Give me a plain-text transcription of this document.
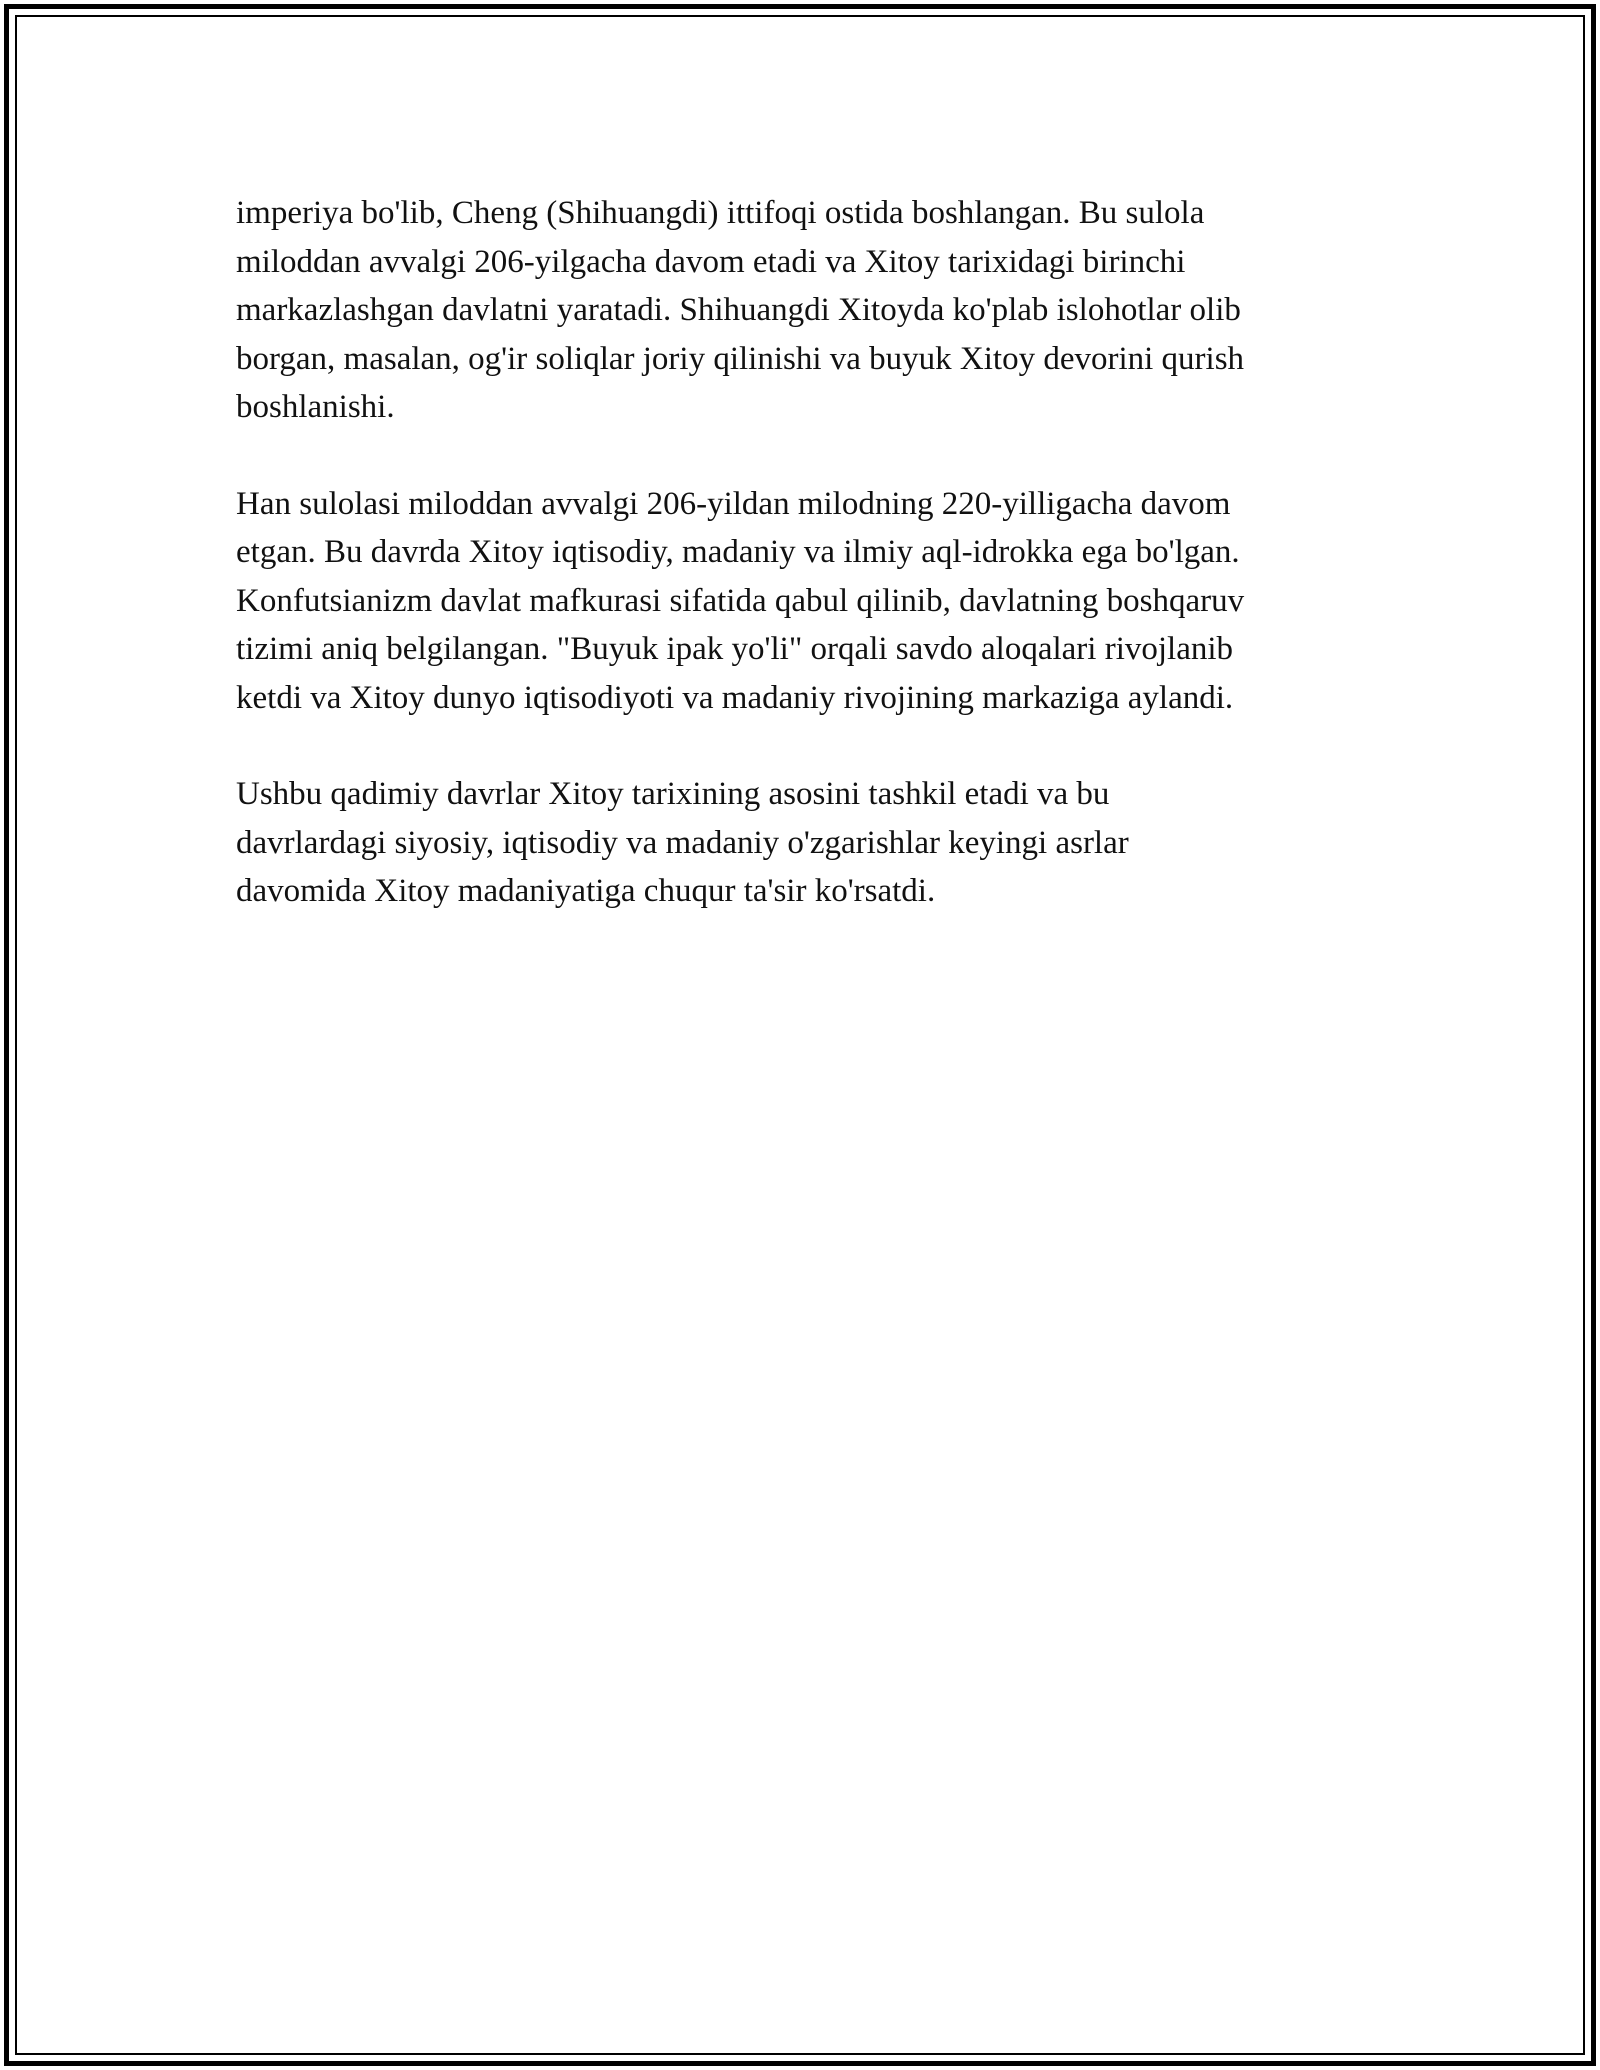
imperiya bo'lib, Cheng (Shihuangdi) ittifoqi ostida boshlangan. Bu sulola
miloddan avvalgi 206-yilgacha davom etadi va Xitoy tarixidagi birinchi
markazlashgan davlatni yaratadi. Shihuangdi Xitoyda ko'plab islohotlar olib
borgan, masalan, og'ir soliqlar joriy qilinishi va buyuk Xitoy devorini qurish
boshlanishi.

Han sulolasi miloddan avvalgi 206-yildan milodning 220-yilligacha davom
etgan. Bu davrda Xitoy iqtisodiy, madaniy va ilmiy aql-idrokka ega bo'lgan.
Konfutsianizm davlat mafkurasi sifatida qabul qilinib, davlatning boshqaruv
tizimi aniq belgilangan. "Buyuk ipak yo'li" orqali savdo aloqalari rivojlanib
ketdi va Xitoy dunyo iqtisodiyoti va madaniy rivojining markaziga aylandi.

Ushbu qadimiy davrlar Xitoy tarixining asosini tashkil etadi va bu
davrlardagi siyosiy, iqtisodiy va madaniy o'zgarishlar keyingi asrlar
davomida Xitoy madaniyatiga chuqur ta'sir ko'rsatdi.
